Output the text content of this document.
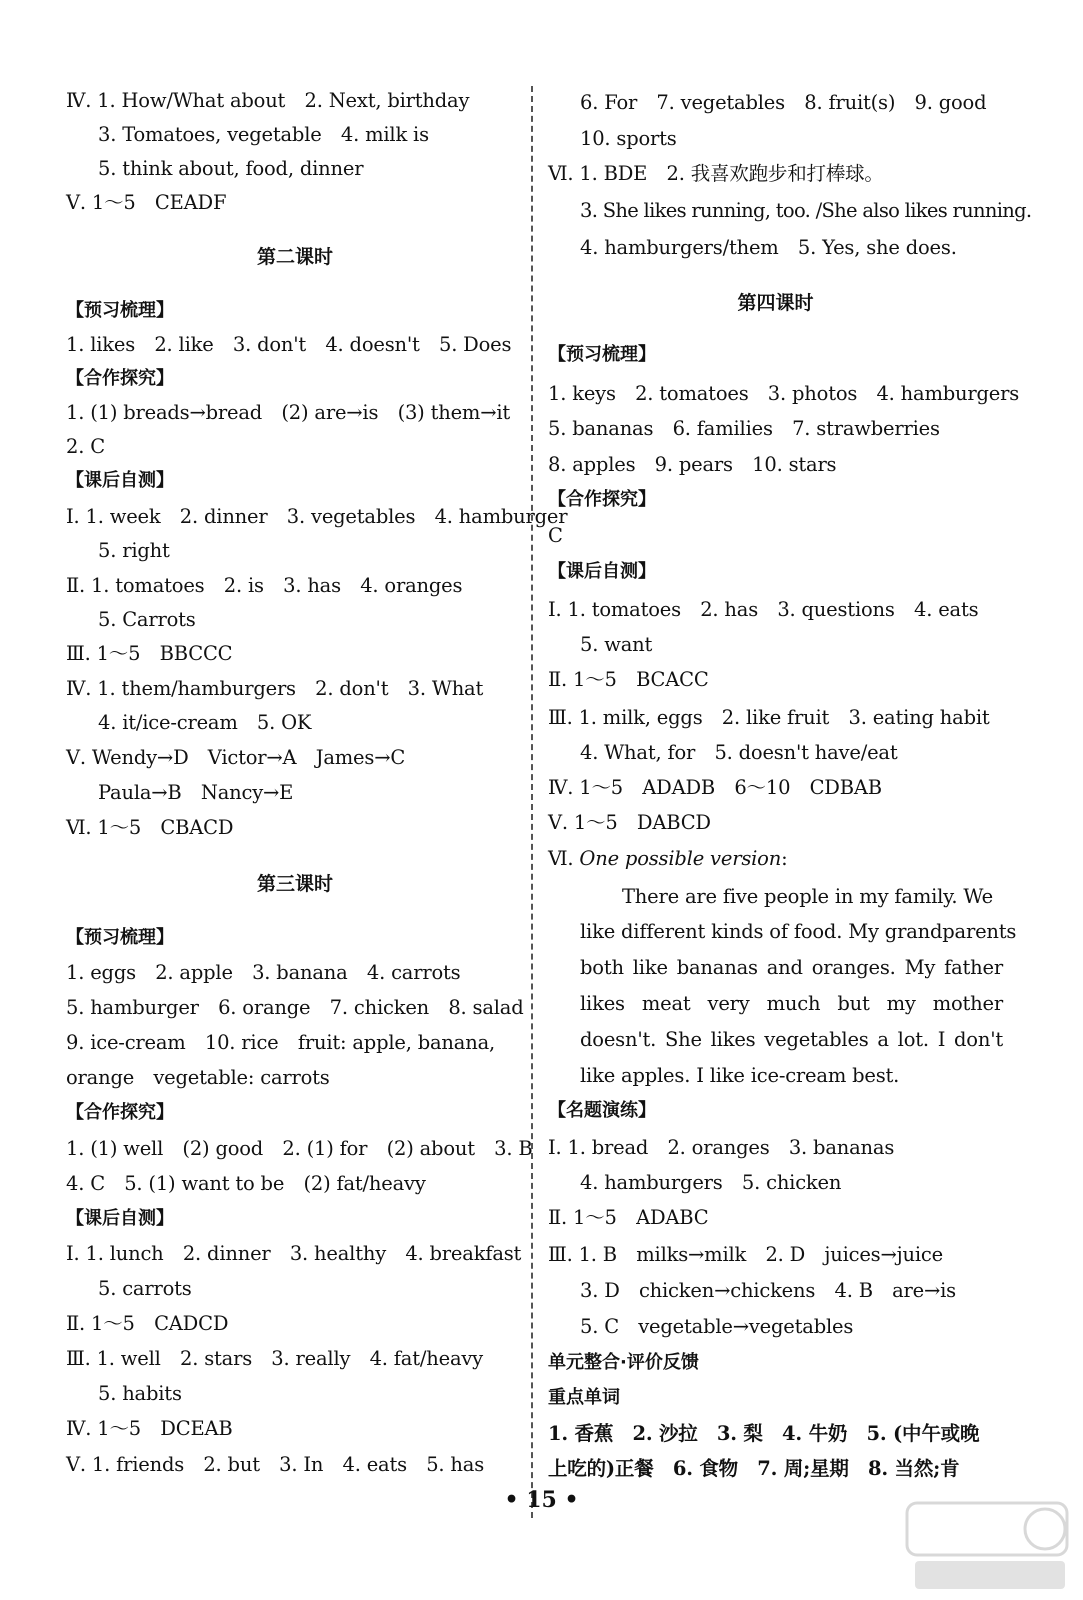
Ⅳ. 1. How/What about　2. Next, birthday
3. Tomatoes, vegetable　4. milk is
5. think about, food, dinner
Ⅴ. 1～5　CEADF
第二课时
【预习梳理】
1. likes　2. like　3. don't　4. doesn't　5. Does
【合作探究】
1. (1) breads→bread　(2) are→is　(3) them→it
2. C
【课后自测】
Ⅰ. 1. week　2. dinner　3. vegetables　4. hamburger
5. right
Ⅱ. 1. tomatoes　2. is　3. has　4. oranges
5. Carrots
Ⅲ. 1～5　BBCCC
Ⅳ. 1. them/hamburgers　2. don't　3. What
4. it/ice-cream　5. OK
Ⅴ. Wendy→D　Victor→A　James→C
Paula→B　Nancy→E
Ⅵ. 1～5　CBACD
第三课时
【预习梳理】
1. eggs　2. apple　3. banana　4. carrots
5. hamburger　6. orange　7. chicken　8. salad
9. ice-cream　10. rice　fruit: apple, banana,
orange　vegetable: carrots
【合作探究】
1. (1) well　(2) good　2. (1) for　(2) about　3. B
4. C　5. (1) want to be　(2) fat/heavy
【课后自测】
Ⅰ. 1. lunch　2. dinner　3. healthy　4. breakfast
5. carrots
Ⅱ. 1～5　CADCD
Ⅲ. 1. well　2. stars　3. really　4. fat/heavy
5. habits
Ⅳ. 1～5　DCEAB
Ⅴ. 1. friends　2. but　3. In　4. eats　5. has
6. For　7. vegetables　8. fruit(s)　9. good
10. sports
Ⅵ. 1. BDE　2. 我喜欢跑步和打棒球。
3. She likes running, too. /She also likes running.
4. hamburgers/them　5. Yes, she does.
第四课时
【预习梳理】
1. keys　2. tomatoes　3. photos　4. hamburgers
5. bananas　6. families　7. strawberries
8. apples　9. pears　10. stars
【合作探究】
C
【课后自测】
Ⅰ. 1. tomatoes　2. has　3. questions　4. eats
5. want
Ⅱ. 1～5　BCACC
Ⅲ. 1. milk, eggs　2. like fruit　3. eating habit
4. What, for　5. doesn't have/eat
Ⅳ. 1～5　ADADB　6～10　CDBAB
Ⅴ. 1～5　DABCD
Ⅵ. One possible version:
There are five people in my family. We
like different kinds of food. My grandparents
both like bananas and oranges. My father
likes meat very much but my mother
doesn't. She likes vegetables a lot. I don't
like apples. I like ice-cream best.
【名题演练】
Ⅰ. 1. bread　2. oranges　3. bananas
4. hamburgers　5. chicken
Ⅱ. 1～5　ADABC
Ⅲ. 1. B　milks→milk　2. D　juices→juice
3. D　chicken→chickens　4. B　are→is
5. C　vegetable→vegetables
单元整合·评价反馈
重点单词
1. 香蕉　2. 沙拉　3. 梨　4. 牛奶　5. (中午或晚
上吃的)正餐　6. 食物　7. 周;星期　8. 当然;肯
• 15 •
